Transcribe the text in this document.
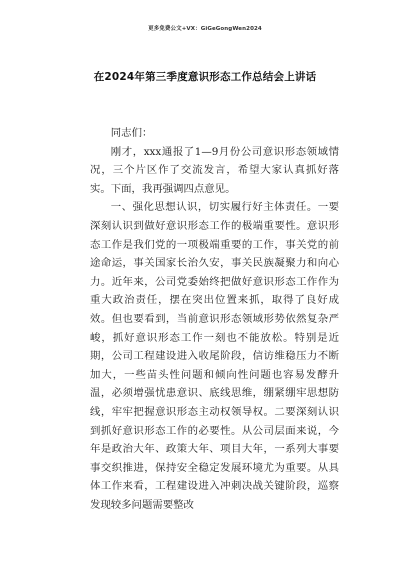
更多免费公文+VX：GiGeGongWen2024
在2024年第三季度意识形态工作总结会上讲话

同志们：

刚才，xxx通报了1—9月份公司意识形态领域情况，三个片区作了交流发言，希望大家认真抓好落实。下面，我再强调四点意见。

一、强化思想认识，切实履行好主体责任。一要深刻认识到做好意识形态工作的极端重要性。意识形态工作是我们党的一项极端重要的工作，事关党的前途命运，事关国家长治久安，事关民族凝聚力和向心力。近年来，公司党委始终把做好意识形态工作作为重大政治责任，摆在突出位置来抓，取得了良好成效。但也要看到，当前意识形态领域形势依然复杂严峻，抓好意识形态工作一刻也不能放松。特别是近期，公司工程建设进入收尾阶段，信访维稳压力不断加大，一些苗头性问题和倾向性问题也容易发酵升温，必须增强忧患意识、底线思维，绷紧绷牢思想防线，牢牢把握意识形态主动权领导权。二要深刻认识到抓好意识形态工作的必要性。从公司层面来说，今年是政治大年、政策大年、项目大年，一系列大事要事交织推进，保持安全稳定发展环境尤为重要。从具体工作来看，工程建设进入冲刺决战关键阶段，巡察发现较多问题需要整改
